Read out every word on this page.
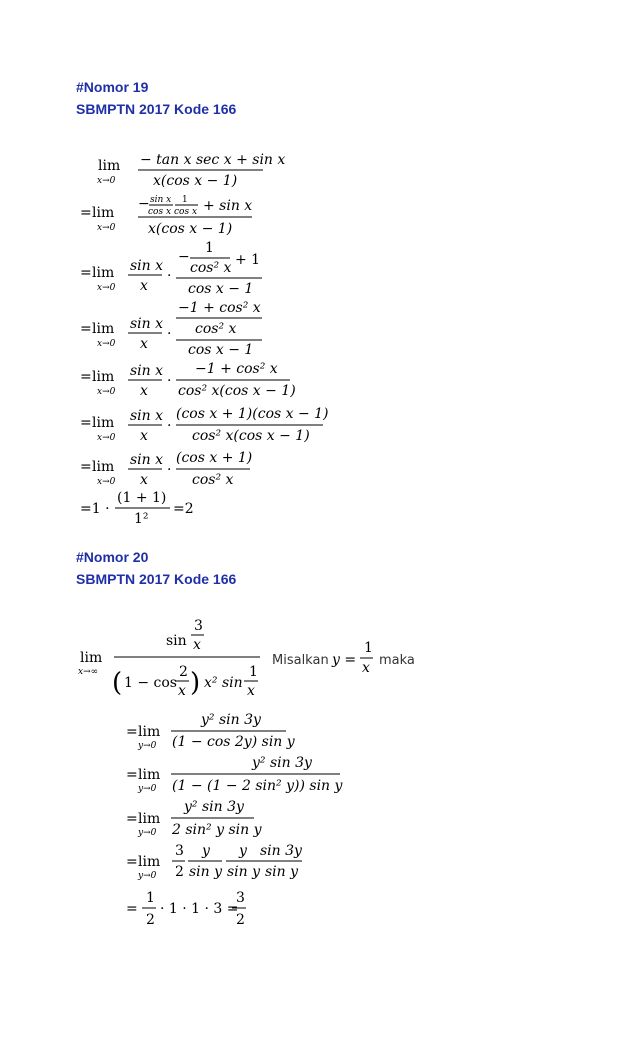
#Nomor 19
SBMPTN 2017 Kode 166
lim
x→0
− tan x sec x + sin x
x(cos x − 1)
= lim
x→0
− sin x
cos x
1
cos x + sin x
x(cos x − 1)
= lim
x→0
sin x
x
·
−
1
cos² x + 1
cos x − 1
= lim
x→0
sin x
x
·
−1 + cos² x
cos² x
cos x − 1
= lim
x→0
sin x
x
·
−1 + cos² x
cos² x(cos x − 1)
= lim
x→0
sin x
x
·
(cos x + 1)(cos x − 1)
cos² x(cos x − 1)
= lim
x→0
sin x
x
·
(cos x + 1)
cos² x
=1 ·
(1 + 1)
1²
=2
#Nomor 20
SBMPTN 2017 Kode 166
lim
x→∞
sin
3
x
( 1 − cos
2
x ) x² sin
1
x
Misalkan y =
1
x maka
= lim
y→0
y² sin 3y
(1 − cos 2y) sin y
= lim
y→0
y² sin 3y
(1 − (1 − 2 sin² y)) sin y
= lim
y→0
y² sin 3y
2 sin² y sin y
= lim
y→0
3
2
y
sin y
y
sin y
sin 3y
sin y
=
1
2
· 1 · 1 · 3 =
3
2
